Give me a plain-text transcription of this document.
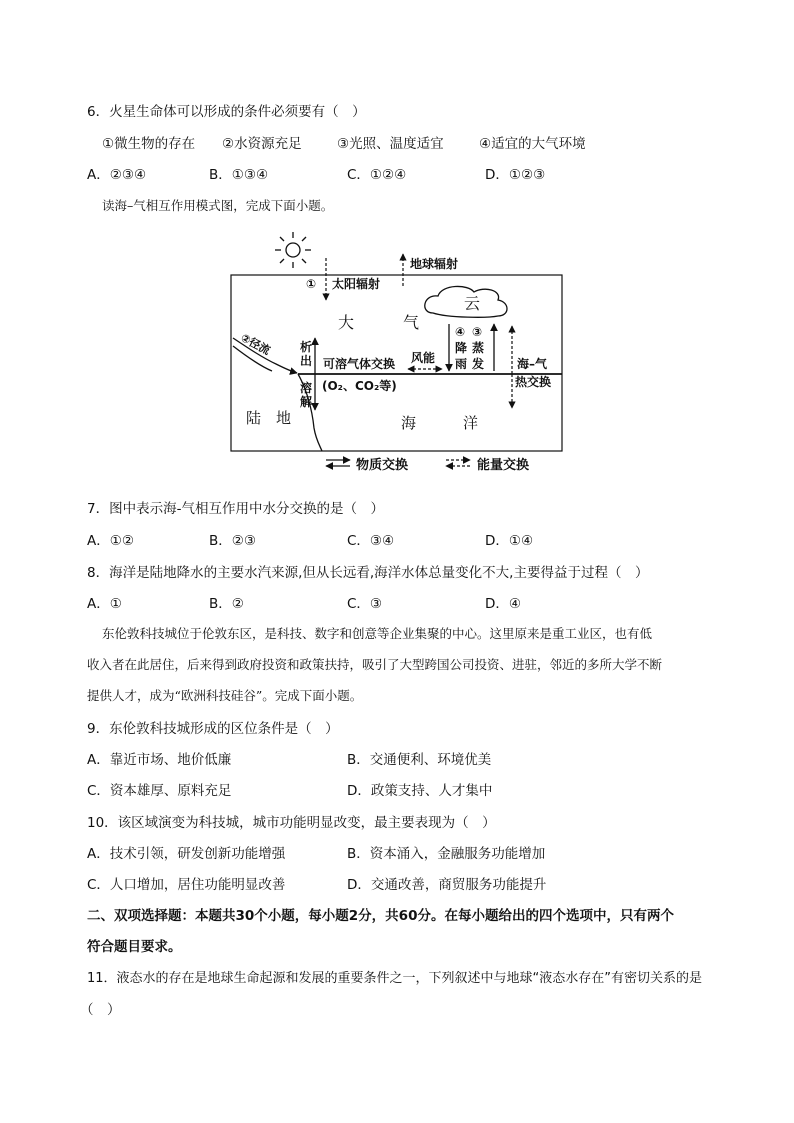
6．火星生命体可以形成的条件必须要有（　）
①微生物的存在 ②水资源充足	③光照、温度适宜	④适宜的大气环境
A．②③④	B．①③④	C．①②④	D．①②③
读海–气相互作用模式图，完成下面小题。
① 太阳辐射
地球辐射
云
大	气
②径流 析
出
溶
解
可溶气体交换
(O₂、CO₂等)
风能
④
降
雨
③
蒸
发	海–气
热交换
陆　地	海	洋
物质交换	能量交换
7．图中表示海-气相互作用中水分交换的是（　）
A．①②	B．②③	C．③④	D．①④
8．海洋是陆地降水的主要水汽来源,但从长远看,海洋水体总量变化不大,主要得益于过程（　）
A．①	B．②	C．③	D．④
东伦敦科技城位于伦敦东区，是科技、数字和创意等企业集聚的中心。这里原来是重工业区，也有低
收入者在此居住，后来得到政府投资和政策扶持，吸引了大型跨国公司投资、进驻，邻近的多所大学不断
提供人才，成为“欧洲科技硅谷”。完成下面小题。
9．东伦敦科技城形成的区位条件是（　）
A．靠近市场、地价低廉	B．交通便利、环境优美
C．资本雄厚、原料充足	D．政策支持、人才集中
10．该区域演变为科技城，城市功能明显改变，最主要表现为（　）
A．技术引领，研发创新功能增强	B．资本涌入，金融服务功能增加
C．人口增加，居住功能明显改善	D．交通改善，商贸服务功能提升
二、双项选择题：本题共30个小题，每小题2分，共60分。在每小题给出的四个选项中，只有两个
符合题目要求。
11．液态水的存在是地球生命起源和发展的重要条件之一，下列叙述中与地球“液态水存在”有密切关系的是
（　）
